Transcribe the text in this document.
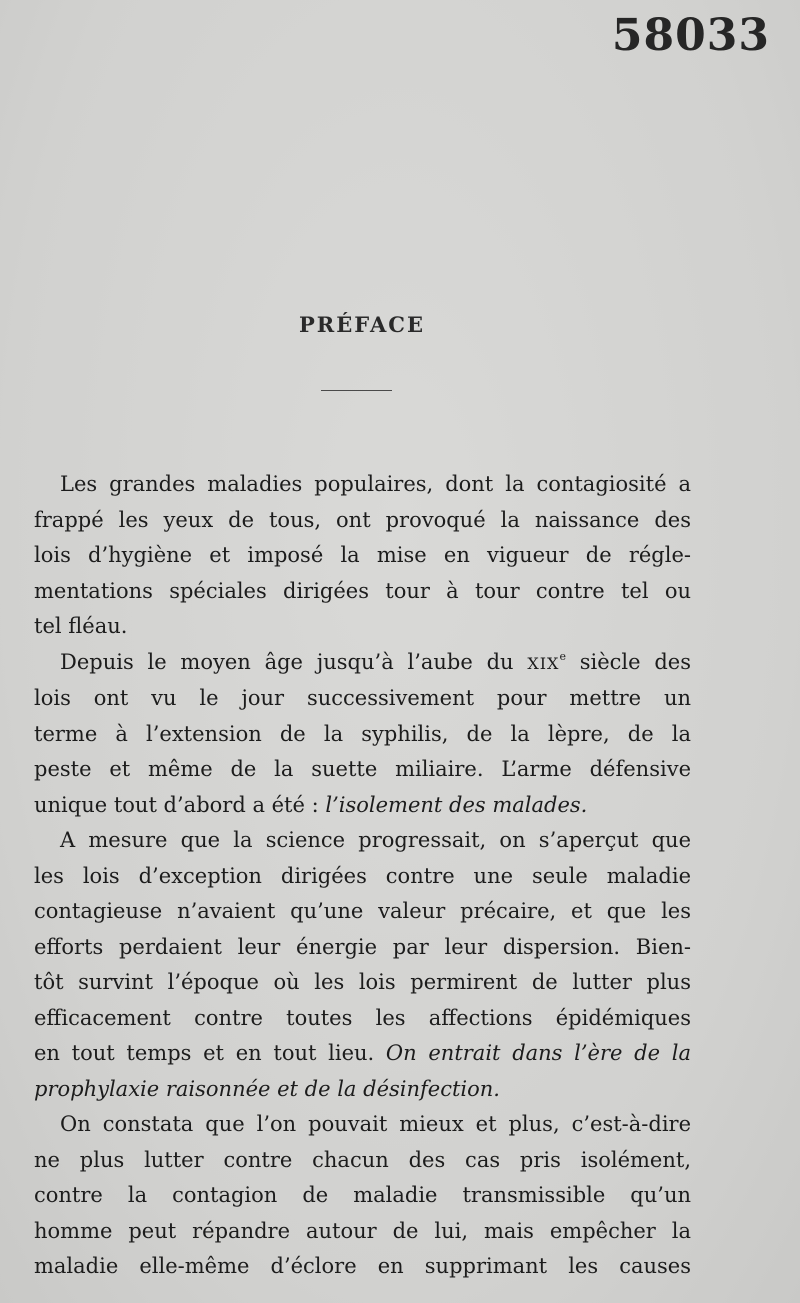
58033
PRÉFACE

Les grandes maladies populaires, dont la contagiosité a
frappé les yeux de tous, ont provoqué la naissance des
lois d’hygiène et imposé la mise en vigueur de régle-
mentations spéciales dirigées tour à tour contre tel ou
tel fléau.

Depuis le moyen âge jusqu’à l’aube du XIXe siècle des
lois ont vu le jour successivement pour mettre un
terme à l’extension de la syphilis, de la lèpre, de la
peste et même de la suette miliaire. L’arme défensive
unique tout d’abord a été : l’isolement des malades.

A mesure que la science progressait, on s’aperçut que
les lois d’exception dirigées contre une seule maladie
contagieuse n’avaient qu’une valeur précaire, et que les
efforts perdaient leur énergie par leur dispersion. Bien-
tôt survint l’époque où les lois permirent de lutter plus
efficacement contre toutes les affections épidémiques
en tout temps et en tout lieu. On entrait dans l’ère de la
prophylaxie raisonnée et de la désinfection.

On constata que l’on pouvait mieux et plus, c’est-à-dire
ne plus lutter contre chacun des cas pris isolément,
contre la contagion de maladie transmissible qu’un
homme peut répandre autour de lui, mais empêcher la
maladie elle-même d’éclore en supprimant les causes
